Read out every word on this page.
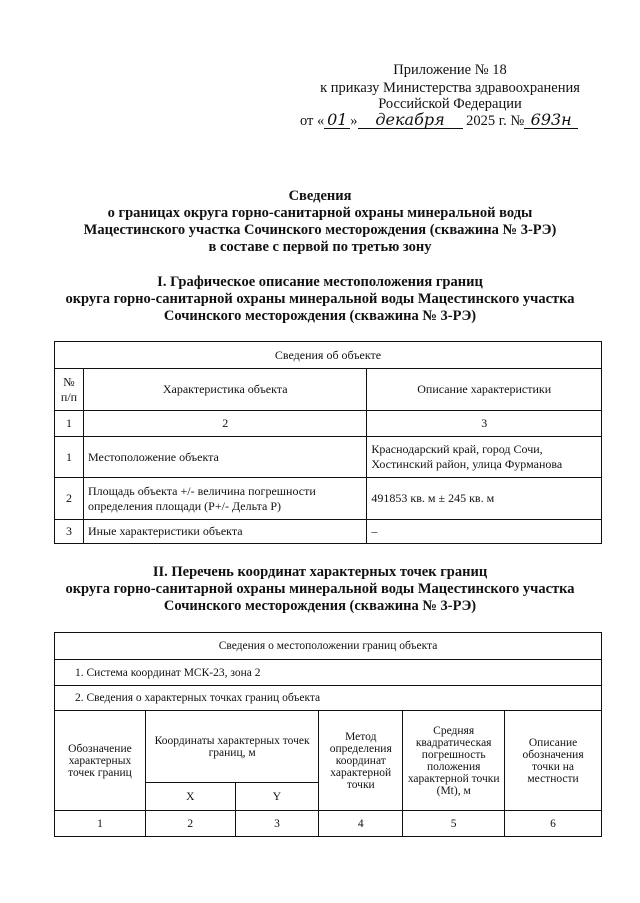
Приложение № 18
к приказу Министерства здравоохранения
Российской Федерации
от « 01 » декабря 2025 г. № 693н
Сведения
о границах округа горно-санитарной охраны минеральной воды
Мацестинского участка Сочинского месторождения (скважина № 3-РЭ)
в составе с первой по третью зону
I. Графическое описание местоположения границ
округа горно-санитарной охраны минеральной воды Мацестинского участка
Сочинского месторождения (скважина № 3-РЭ)
Сведения об объекте		
№ п/п	Характеристика объекта	Описание характеристики
1	2	3
1	Местоположение объекта	Краснодарский край, город Сочи, Хостинский район, улица Фурманова
2	Площадь объекта +/- величина погрешности определения площади (P+/- Дельта P)	491853 кв. м ± 245 кв. м
3	Иные характеристики объекта	–
II. Перечень координат характерных точек границ
округа горно-санитарной охраны минеральной воды Мацестинского участка
Сочинского месторождения (скважина № 3-РЭ)
Сведения о местоположении границ объекта					
1. Система координат МСК-23, зона 2					
2. Сведения о характерных точках границ объекта					
Обозначение характерных точек границ	Координаты характерных точек границ, м		Метод определения координат характерной точки	Средняя квадратическая погрешность положения характерной точки (Mt), м	Описание обозначения точки на местности
	X	Y			
1	2	3	4	5	6
